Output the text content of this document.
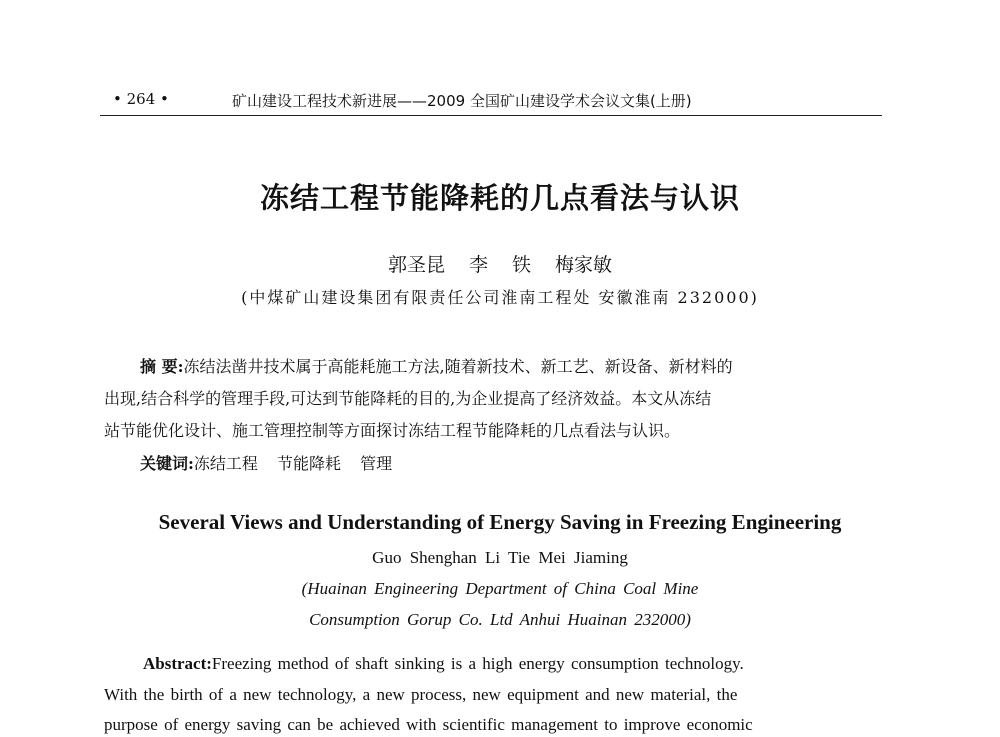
• 264 •	矿山建设工程技术新进展——2009 全国矿山建设学术会议文集(上册)
冻结工程节能降耗的几点看法与认识
郭圣昆 李 铁 梅家敏
(中煤矿山建设集团有限责任公司淮南工程处 安徽淮南 232000)
摘 要:冻结法凿井技术属于高能耗施工方法,随着新技术、新工艺、新设备、新材料的
出现,结合科学的管理手段,可达到节能降耗的目的,为企业提高了经济效益。本文从冻结
站节能优化设计、施工管理控制等方面探讨冻结工程节能降耗的几点看法与认识。
关键词:冻结工程 节能降耗 管理
Several Views and Understanding of Energy Saving in Freezing Engineering
Guo Shenghan Li Tie Mei Jiaming
(Huainan Engineering Department of China Coal Mine
Consumption Gorup Co. Ltd Anhui Huainan 232000)
Abstract:Freezing method of shaft sinking is a high energy consumption technology.
With the birth of a new technology, a new process, new equipment and new material, the
purpose of energy saving can be achieved with scientific management to improve economic
